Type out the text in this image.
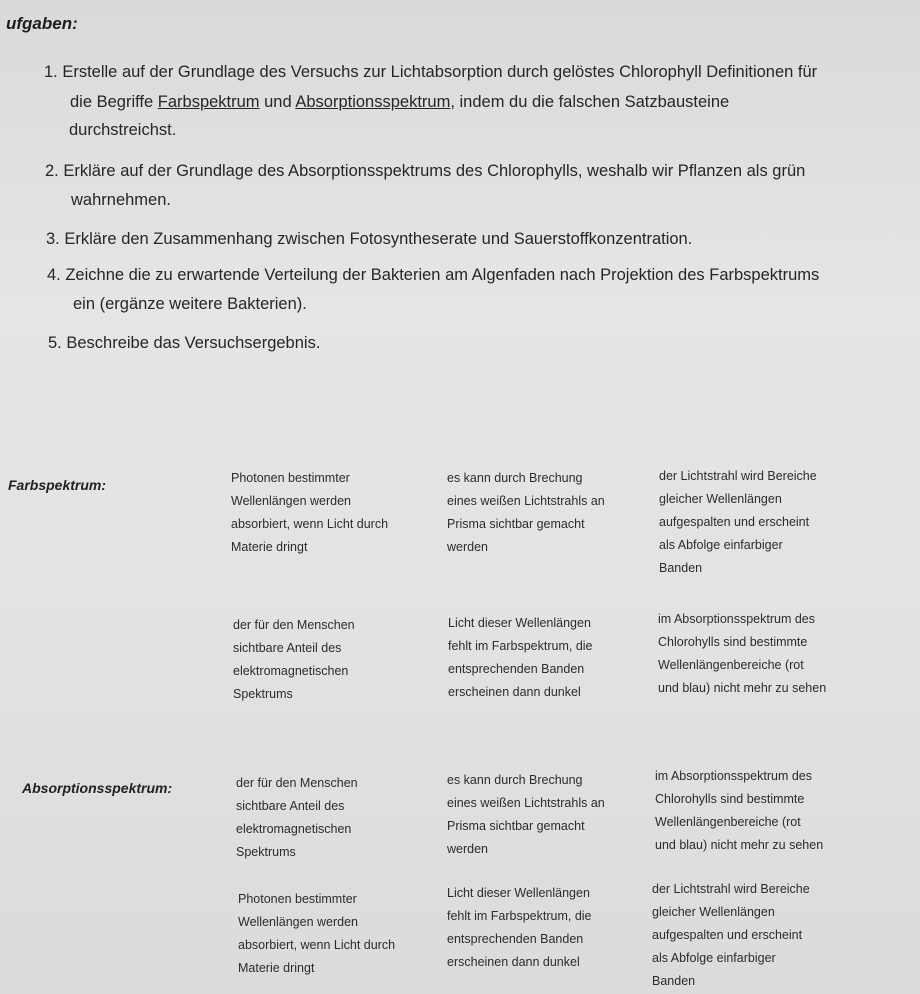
ufgaben:
1. Erstelle auf der Grundlage des Versuchs zur Lichtabsorption durch gelöstes Chlorophyll Definitionen für
die Begriffe Farbspektrum und Absorptionsspektrum, indem du die falschen Satzbausteine
durchstreichst.
2. Erkläre auf der Grundlage des Absorptionsspektrums des Chlorophylls, weshalb wir Pflanzen als grün
wahrnehmen.
3. Erkläre den Zusammenhang zwischen Fotosyntheserate und Sauerstoffkonzentration.
4. Zeichne die zu erwartende Verteilung der Bakterien am Algenfaden nach Projektion des Farbspektrums
ein (ergänze weitere Bakterien).
5. Beschreibe das Versuchsergebnis.
Farbspektrum:	Photonen bestimmter
Wellenlängen werden
absorbiert, wenn Licht durch
Materie dringt
es kann durch Brechung
eines weißen Lichtstrahls an
Prisma sichtbar gemacht
werden
der Lichtstrahl wird Bereiche
gleicher Wellenlängen
aufgespalten und erscheint
als Abfolge einfarbiger
Banden
der für den Menschen
sichtbare Anteil des
elektromagnetischen
Spektrums
Licht dieser Wellenlängen
fehlt im Farbspektrum, die
entsprechenden Banden
erscheinen dann dunkel
im Absorptionsspektrum des
Chlorohylls sind bestimmte
Wellenlängenbereiche (rot
und blau) nicht mehr zu sehen
Absorptionsspektrum:	der für den Menschen
sichtbare Anteil des
elektromagnetischen
Spektrums
es kann durch Brechung
eines weißen Lichtstrahls an
Prisma sichtbar gemacht
werden
im Absorptionsspektrum des
Chlorohylls sind bestimmte
Wellenlängenbereiche (rot
und blau) nicht mehr zu sehen
Photonen bestimmter
Wellenlängen werden
absorbiert, wenn Licht durch
Materie dringt
Licht dieser Wellenlängen
fehlt im Farbspektrum, die
entsprechenden Banden
erscheinen dann dunkel
der Lichtstrahl wird Bereiche
gleicher Wellenlängen
aufgespalten und erscheint
als Abfolge einfarbiger
Banden
